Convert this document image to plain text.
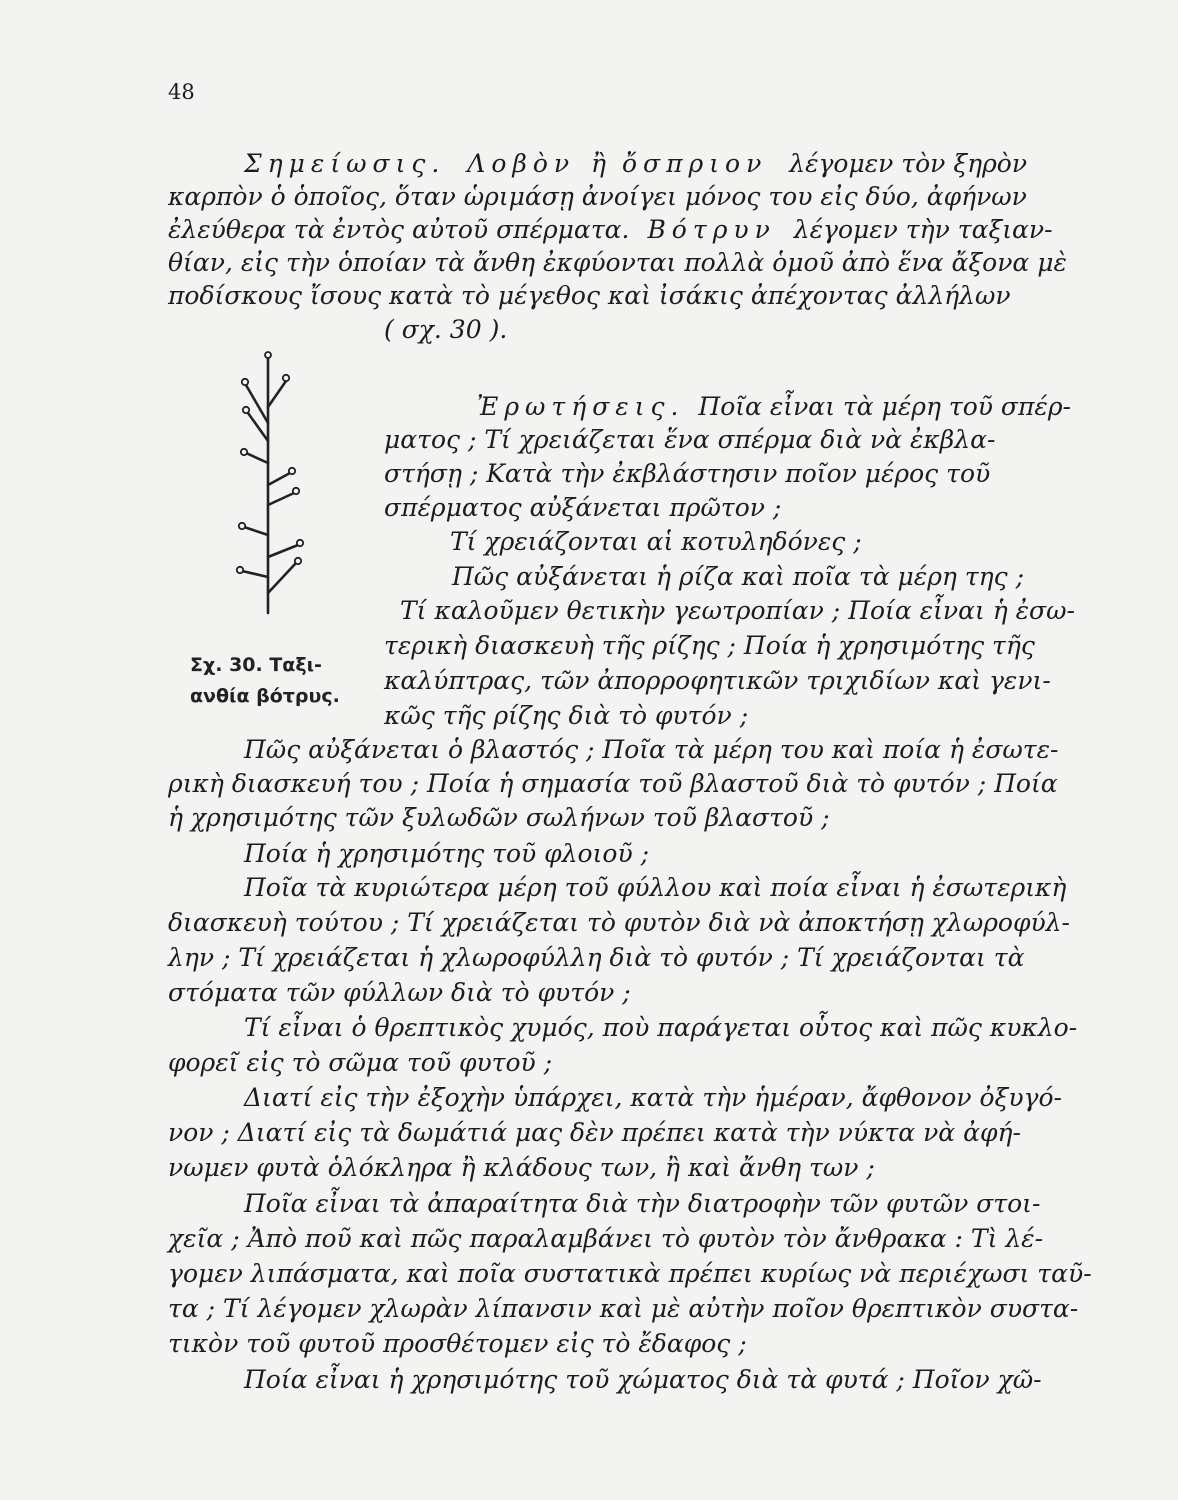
48
Σημείωσις. Λοβὸν ἢ ὄσπριον λέγομεν τὸν ξηρὸν
καρπὸν ὁ ὁποῖος, ὅταν ὡριμάσῃ ἀνοίγει μόνος του εἰς δύο, ἀφήνων
ἐλεύθερα τὰ ἐντὸς αὐτοῦ σπέρματα. Βότρυν λέγομεν τὴν ταξιαν-
θίαν, εἰς τὴν ὁποίαν τὰ ἄνθη ἐκφύονται πολλὰ ὁμοῦ ἀπὸ ἕνα ἄξονα μὲ
ποδίσκους ἴσους κατὰ τὸ μέγεθος καὶ ἰσάκις ἀπέχοντας ἀλλήλων
( σχ. 30 ).
Σχ. 30. Ταξι-
ανθία βότρυς.
Ἐρωτήσεις. Ποῖα εἶναι τὰ μέρη τοῦ σπέρ-
ματος ; Τί χρειάζεται ἕνα σπέρμα διὰ νὰ ἐκβλα-
στήσῃ ; Κατὰ τὴν ἐκβλάστησιν ποῖον μέρος τοῦ
σπέρματος αὐξάνεται πρῶτον ;
Τί χρειάζονται αἱ κοτυληδόνες ;
Πῶς αὐξάνεται ἡ ρίζα καὶ ποῖα τὰ μέρη της ;
Τί καλοῦμεν θετικὴν γεωτροπίαν ; Ποία εἶναι ἡ ἐσω-
τερικὴ διασκευὴ τῆς ρίζης ; Ποία ἡ χρησιμότης τῆς
καλύπτρας, τῶν ἀπορροφητικῶν τριχιδίων καὶ γενι-
κῶς τῆς ρίζης διὰ τὸ φυτόν ;
Πῶς αὐξάνεται ὁ βλαστός ; Ποῖα τὰ μέρη του καὶ ποία ἡ ἐσωτε-
ρικὴ διασκευή του ; Ποία ἡ σημασία τοῦ βλαστοῦ διὰ τὸ φυτόν ; Ποία
ἡ χρησιμότης τῶν ξυλωδῶν σωλήνων τοῦ βλαστοῦ ;
Ποία ἡ χρησιμότης τοῦ φλοιοῦ ;
Ποῖα τὰ κυριώτερα μέρη τοῦ φύλλου καὶ ποία εἶναι ἡ ἐσωτερικὴ
διασκευὴ τούτου ; Τί χρειάζεται τὸ φυτὸν διὰ νὰ ἀποκτήσῃ χλωροφύλ-
λην ; Τί χρειάζεται ἡ χλωροφύλλη διὰ τὸ φυτόν ; Τί χρειάζονται τὰ
στόματα τῶν φύλλων διὰ τὸ φυτόν ;
Τί εἶναι ὁ θρεπτικὸς χυμός, ποὺ παράγεται οὗτος καὶ πῶς κυκλο-
φορεῖ εἰς τὸ σῶμα τοῦ φυτοῦ ;
Διατί εἰς τὴν ἐξοχὴν ὑπάρχει, κατὰ τὴν ἡμέραν, ἄφθονον ὀξυγό-
νον ; Διατί εἰς τὰ δωμάτιά μας δὲν πρέπει κατὰ τὴν νύκτα νὰ ἀφή-
νωμεν φυτὰ ὁλόκληρα ἢ κλάδους των, ἢ καὶ ἄνθη των ;
Ποῖα εἶναι τὰ ἀπαραίτητα διὰ τὴν διατροφὴν τῶν φυτῶν στοι-
χεῖα ; Ἀπὸ ποῦ καὶ πῶς παραλαμβάνει τὸ φυτὸν τὸν ἄνθρακα : Τὶ λέ-
γομεν λιπάσματα, καὶ ποῖα συστατικὰ πρέπει κυρίως νὰ περιέχωσι ταῦ-
τα ; Τί λέγομεν χλωρὰν λίπανσιν καὶ μὲ αὐτὴν ποῖον θρεπτικὸν συστα-
τικὸν τοῦ φυτοῦ προσθέτομεν εἰς τὸ ἔδαφος ;
Ποία εἶναι ἡ χρησιμότης τοῦ χώματος διὰ τὰ φυτά ; Ποῖον χῶ-
